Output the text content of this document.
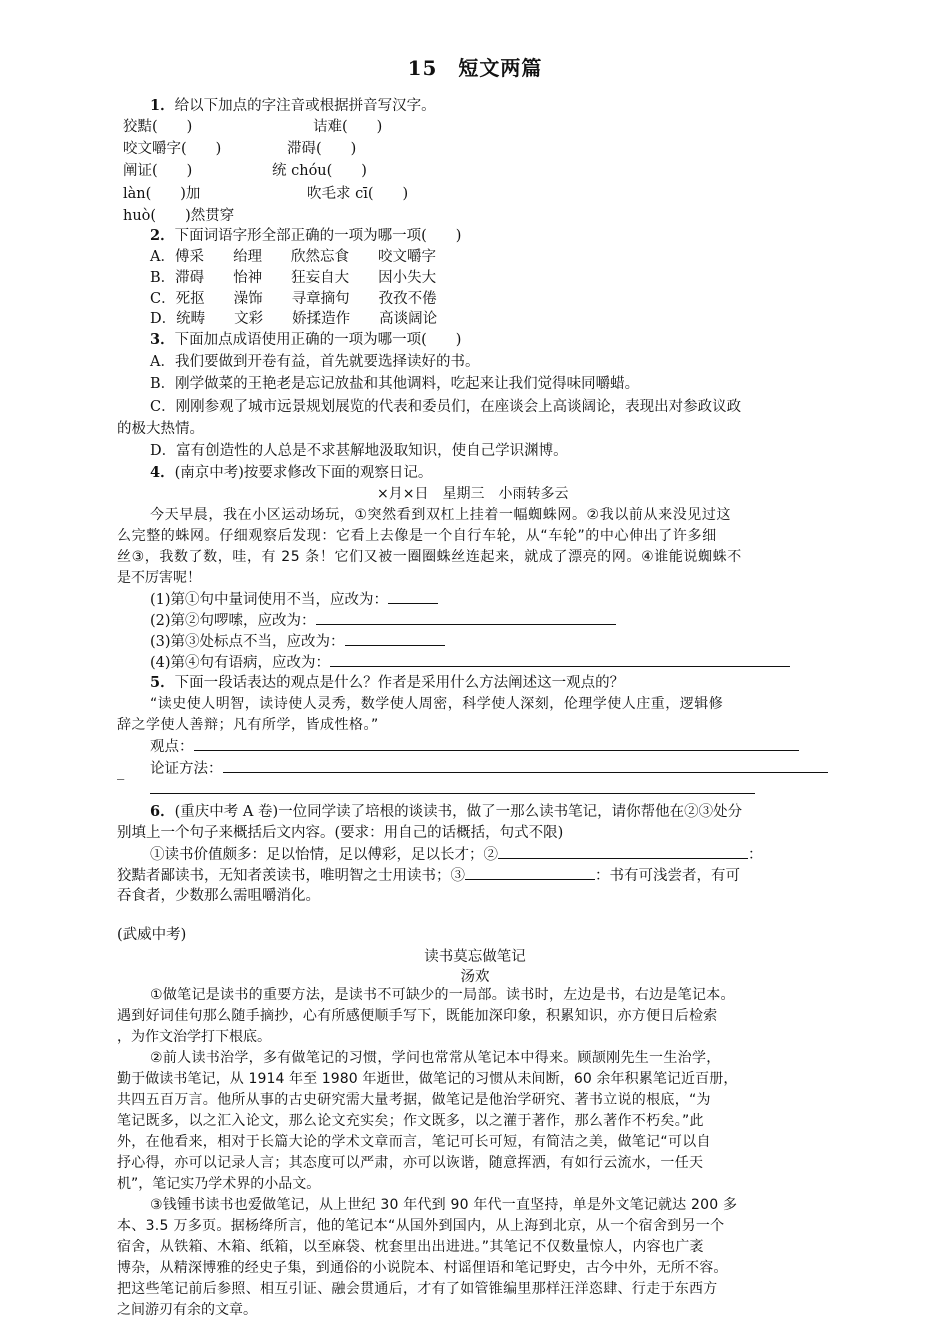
15　短文两篇
1．给以下加点的字注音或根据拼音写汉字。
狡黠(　　)	诘难(　　)
咬文嚼字(　　)	滞碍(　　)
阐证(　　)	统 chóu(　　)
làn(　　)加	吹毛求 cī(　　)
huò(　　)然贯穿
2．下面词语字形全部正确的一项为哪一项(　　)
A．傅采　　绐理　　欣然忘食　　咬文嚼字
B．滞碍　　怡神　　狂妄自大　　因小失大
C．死抠　　澡饰　　寻章摘句　　孜孜不倦
D．统畴　　文彩　　娇揉造作　　高谈阔论
3．下面加点成语使用正确的一项为哪一项(　　)
A．我们要做到开卷有益，首先就要选择读好的书。
B．刚学做菜的王艳老是忘记放盐和其他调料，吃起来让我们觉得味同嚼蜡。
C．刚刚参观了城市远景规划展览的代表和委员们，在座谈会上高谈阔论，表现出对参政议政
的极大热情。
D．富有创造性的人总是不求甚解地汲取知识，使自己学识渊博。
4．(南京中考)按要求修改下面的观察日记。
×月×日　星期三　小雨转多云
今天早晨，我在小区运动场玩，①突然看到双杠上挂着一幅蜘蛛网。②我以前从来没见过这
么完整的蛛网。仔细观察后发现：它看上去像是一个自行车轮，从“车轮”的中心伸出了许多细
丝③，我数了数，哇，有 25 条！它们又被一圈圈蛛丝连起来，就成了漂亮的网。④谁能说蜘蛛不
是不厉害呢！
(1)第①句中量词使用不当，应改为：
(2)第②句啰嗦，应改为：
(3)第③处标点不当，应改为：
(4)第④句有语病，应改为：
5．下面一段话表达的观点是什么？作者是采用什么方法阐述这一观点的？
“读史使人明智，读诗使人灵秀，数学使人周密，科学使人深刻，伦理学使人庄重，逻辑修
辞之学使人善辩；凡有所学，皆成性格。”
观点：
论证方法：
_
6．(重庆中考 A 卷)一位同学读了培根的谈读书，做了一那么读书笔记，请你帮他在②③处分
别填上一个句子来概括后文内容。(要求：用自己的话概括，句式不限)
①读书价值颇多：足以怡情，足以傅彩，足以长才；②	：
狡黠者鄙读书，无知者羡读书，唯明智之士用读书；③	：书有可浅尝者，有可
吞食者，少数那么需咀嚼消化。
(武威中考)
读书莫忘做笔记
汤欢
①做笔记是读书的重要方法，是读书不可缺少的一局部。读书时，左边是书，右边是笔记本。
遇到好词佳句那么随手摘抄，心有所感便顺手写下，既能加深印象，积累知识，亦方便日后检索
，为作文治学打下根底。
②前人读书治学，多有做笔记的习惯，学问也常常从笔记本中得来。顾颉刚先生一生治学，
勤于做读书笔记，从 1914 年至 1980 年逝世，做笔记的习惯从未间断，60 余年积累笔记近百册，
共四五百万言。他所从事的古史研究需大量考据，做笔记是他治学研究、著书立说的根底，“为
笔记既多，以之汇入论文，那么论文充实矣；作文既多，以之灌于著作，那么著作不朽矣。”此
外，在他看来，相对于长篇大论的学术文章而言，笔记可长可短，有简洁之美，做笔记“可以自
抒心得，亦可以记录人言；其态度可以严肃，亦可以诙谐，随意挥洒，有如行云流水，一任天
机”，笔记实乃学术界的小品文。
③钱锺书读书也爱做笔记，从上世纪 30 年代到 90 年代一直坚持，单是外文笔记就达 200 多
本、3.5 万多页。据杨绛所言，他的笔记本“从国外到国内，从上海到北京，从一个宿舍到另一个
宿舍，从铁箱、木箱、纸箱，以至麻袋、枕套里出出进进。”其笔记不仅数量惊人，内容也广袤
博杂，从精深博雅的经史子集，到通俗的小说院本、村谣俚语和笔记野史，古今中外，无所不容。
把这些笔记前后参照、相互引证、融会贯通后，才有了如管锥编里那样汪洋恣肆、行走于东西方
之间游刃有余的文章。
